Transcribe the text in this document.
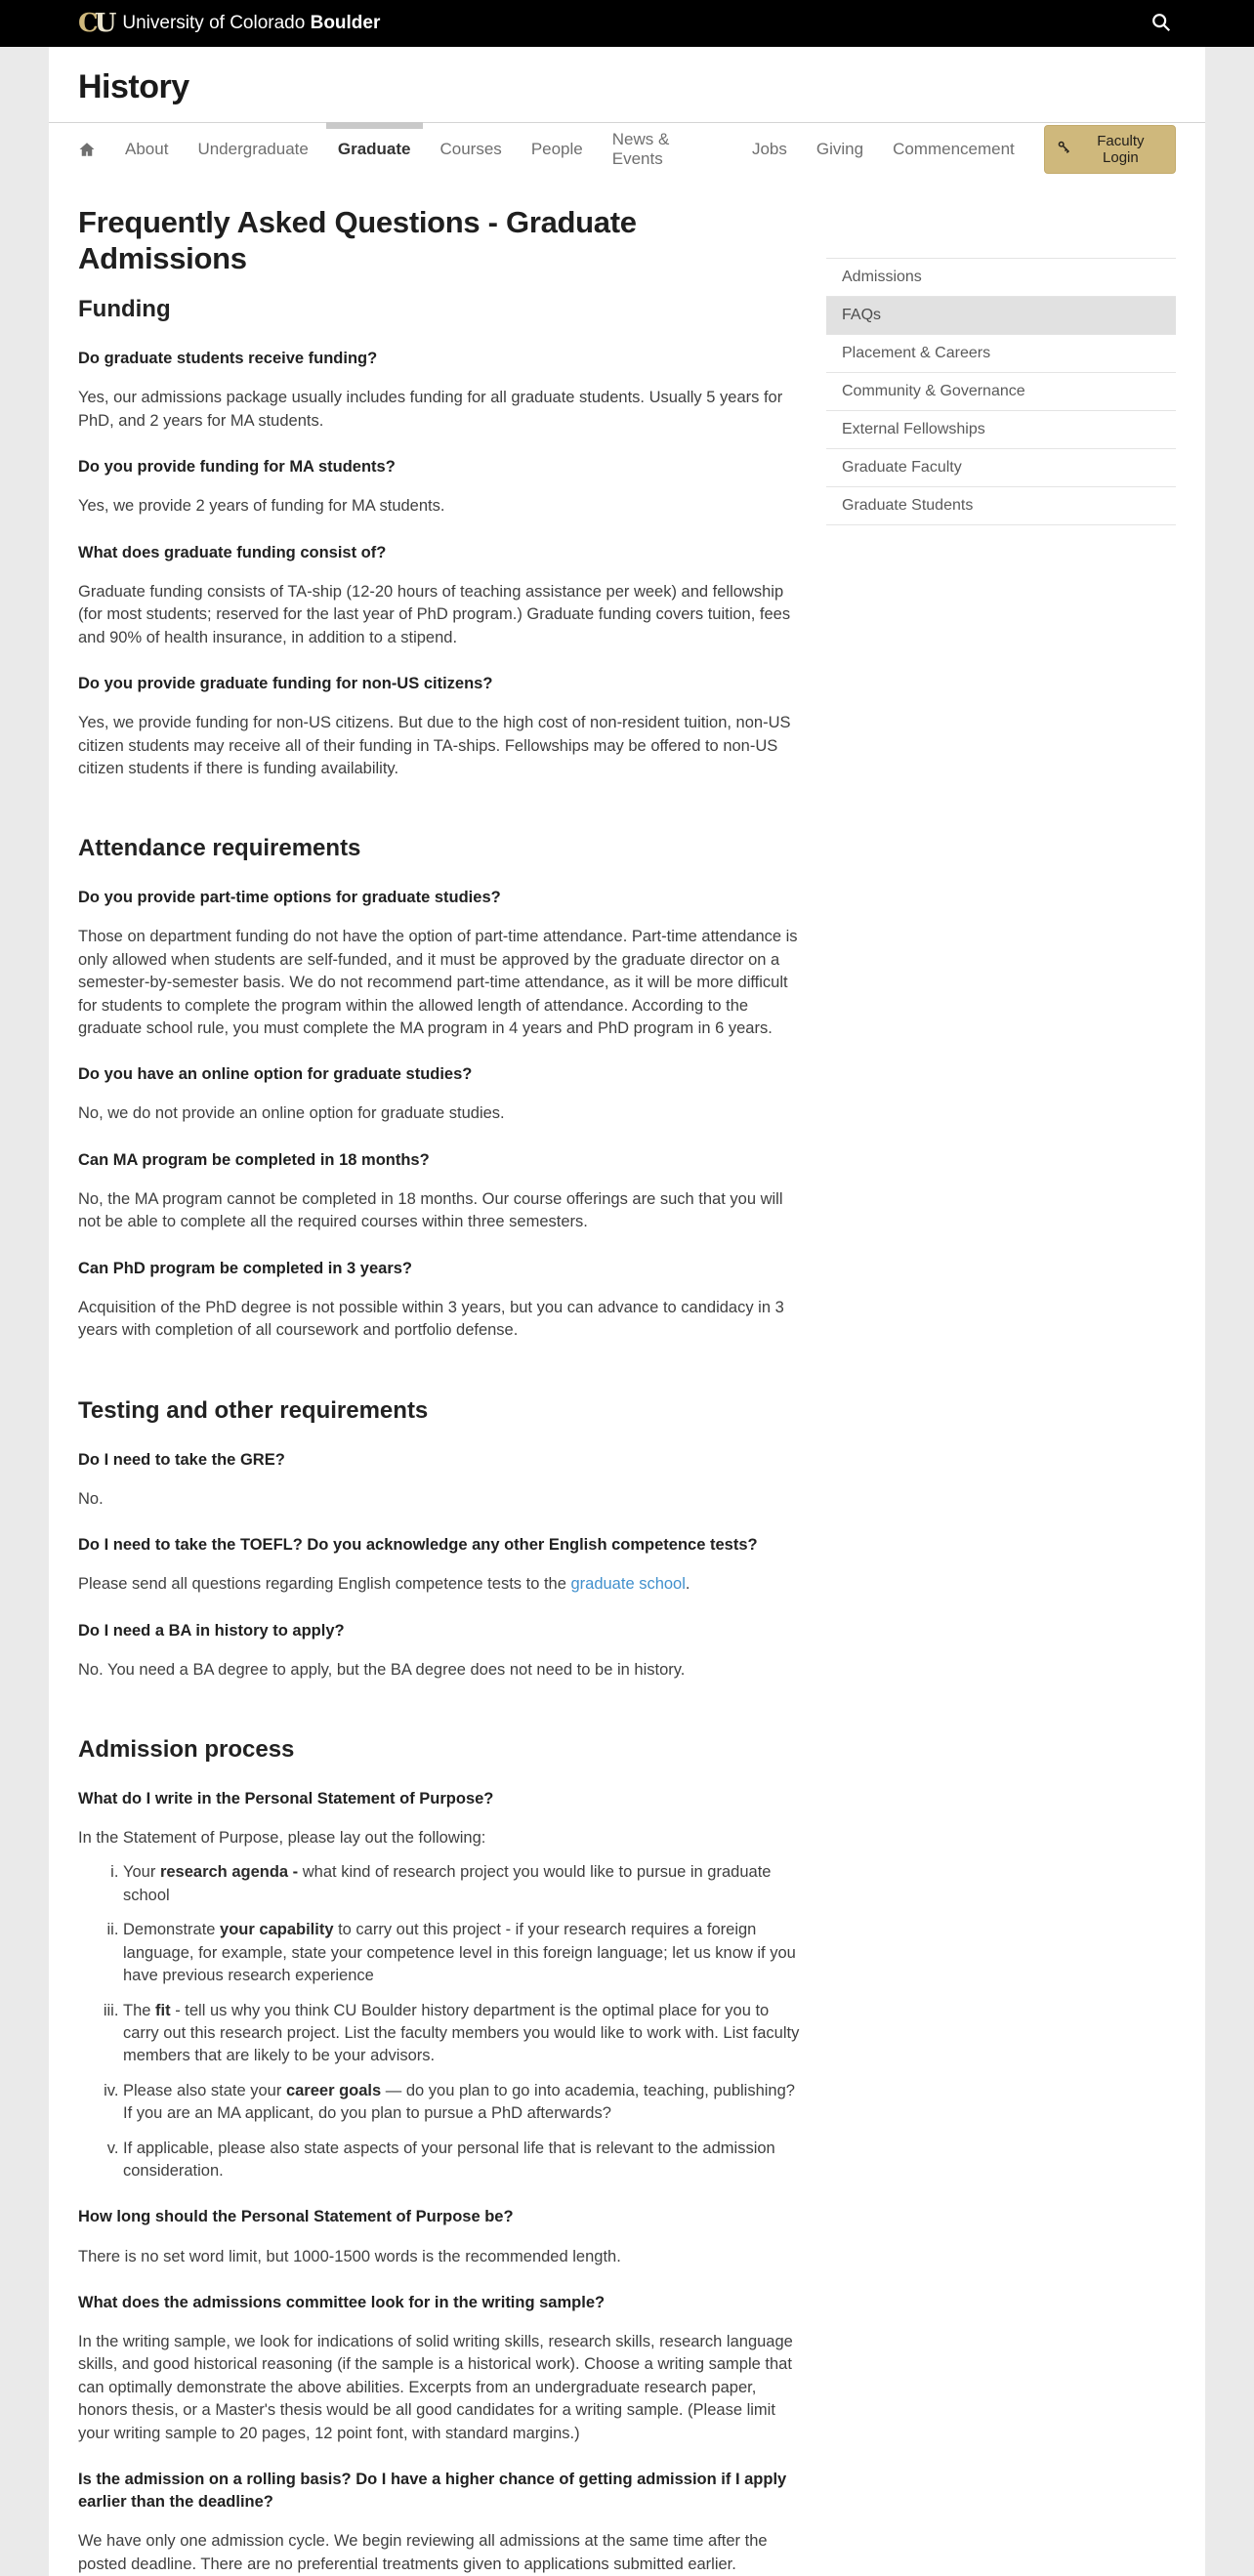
CU University of Colorado Boulder
History
About Undergraduate Graduate Courses People
News & Events
Jobs Giving Commencement	Faculty Login
Frequently Asked Questions - Graduate Admissions
Funding

Do graduate students receive funding?

Yes, our admissions package usually includes funding for all graduate students. Usually 5 years for PhD, and 2 years for MA students.

Do you provide funding for MA students?

Yes, we provide 2 years of funding for MA students.

What does graduate funding consist of?

Graduate funding consists of TA-ship (12-20 hours of teaching assistance per week) and fellowship (for most students; reserved for the last year of PhD program.) Graduate funding covers tuition, fees and 90% of health insurance, in addition to a stipend.

Do you provide graduate funding for non-US citizens?

Yes, we provide funding for non-US citizens. But due to the high cost of non-resident tuition, non-US citizen students may receive all of their funding in TA-ships. Fellowships may be offered to non-US citizen students if there is funding availability.

Attendance requirements

Do you provide part-time options for graduate studies?

Those on department funding do not have the option of part-time attendance. Part-time attendance is only allowed when students are self-funded, and it must be approved by the graduate director on a semester-by-semester basis. We do not recommend part-time attendance, as it will be more difficult for students to complete the program within the allowed length of attendance. According to the graduate school rule, you must complete the MA program in 4 years and PhD program in 6 years.

Do you have an online option for graduate studies?

No, we do not provide an online option for graduate studies.

Can MA program be completed in 18 months?

No, the MA program cannot be completed in 18 months. Our course offerings are such that you will not be able to complete all the required courses within three semesters.

Can PhD program be completed in 3 years?

Acquisition of the PhD degree is not possible within 3 years, but you can advance to candidacy in 3 years with completion of all coursework and portfolio defense.

Testing and other requirements

Do I need to take the GRE?

No.

Do I need to take the TOEFL? Do you acknowledge any other English competence tests?

Please send all questions regarding English competence tests to the graduate school.

Do I need a BA in history to apply?

No. You need a BA degree to apply, but the BA degree does not need to be in history.

Admission process

What do I write in the Personal Statement of Purpose?

In the Statement of Purpose, please lay out the following:

i. Your research agenda - what kind of research project you would like to pursue in graduate school
ii. Demonstrate your capability to carry out this project - if your research requires a foreign language, for example, state your competence level in this foreign language; let us know if you have previous research experience
iii. The fit - tell us why you think CU Boulder history department is the optimal place for you to carry out this research project. List the faculty members you would like to work with. List faculty members that are likely to be your advisors.
iv. Please also state your career goals — do you plan to go into academia, teaching, publishing? If you are an MA applicant, do you plan to pursue a PhD afterwards?
v. If applicable, please also state aspects of your personal life that is relevant to the admission consideration.

How long should the Personal Statement of Purpose be?

There is no set word limit, but 1000-1500 words is the recommended length.

What does the admissions committee look for in the writing sample?

In the writing sample, we look for indications of solid writing skills, research skills, research language skills, and good historical reasoning (if the sample is a historical work). Choose a writing sample that can optimally demonstrate the above abilities. Excerpts from an undergraduate research paper, honors thesis, or a Master's thesis would be all good candidates for a writing sample. (Please limit your writing sample to 20 pages, 12 point font, with standard margins.)

Is the admission on a rolling basis? Do I have a higher chance of getting admission if I apply earlier than the deadline?

We have only one admission cycle. We begin reviewing all admissions at the same time after the posted deadline. There are no preferential treatments given to applications submitted earlier.

Admissions
FAQs
Placement & Careers
Community & Governance
External Fellowships
Graduate Faculty
Graduate Students
